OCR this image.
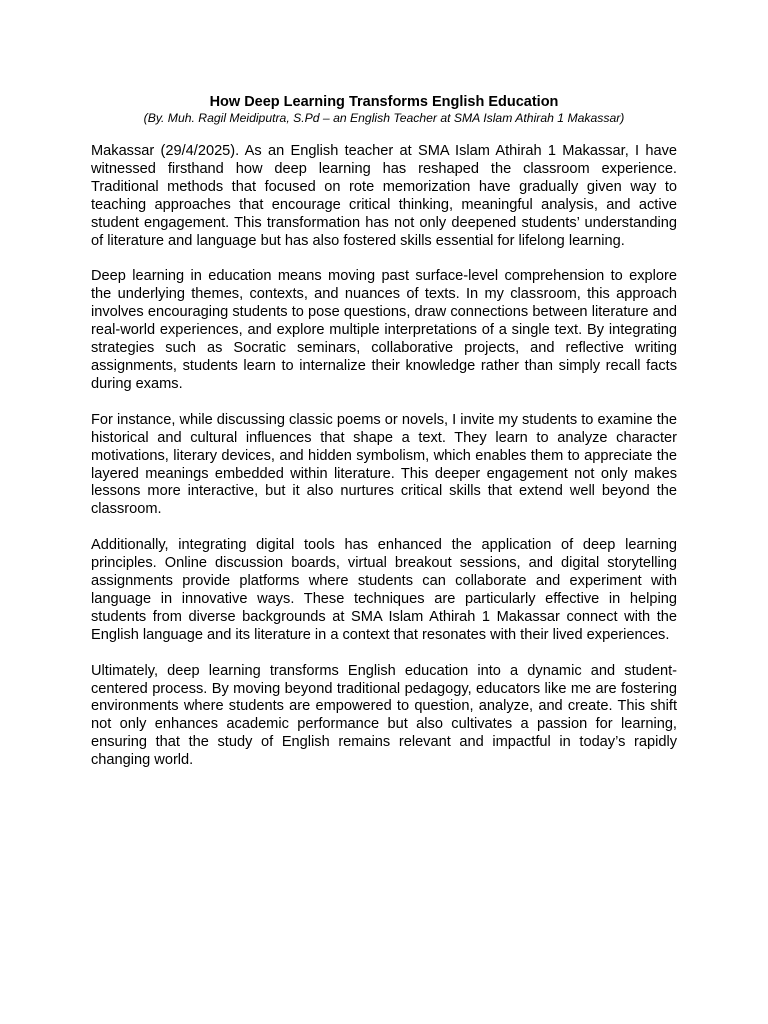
How Deep Learning Transforms English Education

(By. Muh. Ragil Meidiputra, S.Pd – an English Teacher at SMA Islam Athirah 1 Makassar)

Makassar (29/4/2025). As an English teacher at SMA Islam Athirah 1 Makassar, I have witnessed firsthand how deep learning has reshaped the classroom experience. Traditional methods that focused on rote memorization have gradually given way to teaching approaches that encourage critical thinking, meaningful analysis, and active student engagement. This transformation has not only deepened students’ understanding of literature and language but has also fostered skills essential for lifelong learning.

Deep learning in education means moving past surface-level comprehension to explore the underlying themes, contexts, and nuances of texts. In my classroom, this approach involves encouraging students to pose questions, draw connections between literature and real-world experiences, and explore multiple interpretations of a single text. By integrating strategies such as Socratic seminars, collaborative projects, and reflective writing assignments, students learn to internalize their knowledge rather than simply recall facts during exams.

For instance, while discussing classic poems or novels, I invite my students to examine the historical and cultural influences that shape a text. They learn to analyze character motivations, literary devices, and hidden symbolism, which enables them to appreciate the layered meanings embedded within literature. This deeper engagement not only makes lessons more interactive, but it also nurtures critical skills that extend well beyond the classroom.

Additionally, integrating digital tools has enhanced the application of deep learning principles. Online discussion boards, virtual breakout sessions, and digital storytelling assignments provide platforms where students can collaborate and experiment with language in innovative ways. These techniques are particularly effective in helping students from diverse backgrounds at SMA Islam Athirah 1 Makassar connect with the English language and its literature in a context that resonates with their lived experiences.

Ultimately, deep learning transforms English education into a dynamic and student-centered process. By moving beyond traditional pedagogy, educators like me are fostering environments where students are empowered to question, analyze, and create. This shift not only enhances academic performance but also cultivates a passion for learning, ensuring that the study of English remains relevant and impactful in today’s rapidly changing world.
